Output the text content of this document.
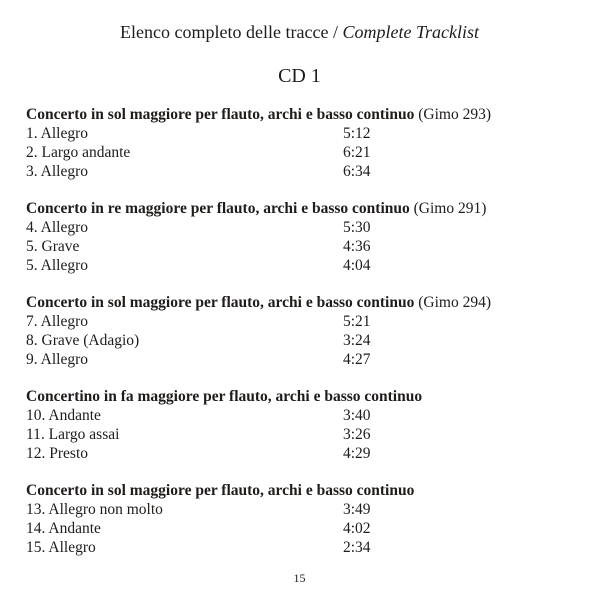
Elenco completo delle tracce / Complete Tracklist
CD 1
Concerto in sol maggiore per flauto, archi e basso continuo (Gimo 293)
1. Allegro	5:12
2. Largo andante	6:21
3. Allegro	6:34
Concerto in re maggiore per flauto, archi e basso continuo (Gimo 291)
4. Allegro	5:30
5. Grave	4:36
5. Allegro	4:04
Concerto in sol maggiore per flauto, archi e basso continuo (Gimo 294)
7. Allegro	5:21
8. Grave (Adagio)	3:24
9. Allegro	4:27
Concertino in fa maggiore per flauto, archi e basso continuo
10. Andante	3:40
11. Largo assai	3:26
12. Presto	4:29
Concerto in sol maggiore per flauto, archi e basso continuo
13. Allegro non molto	3:49
14. Andante	4:02
15. Allegro	2:34
15
